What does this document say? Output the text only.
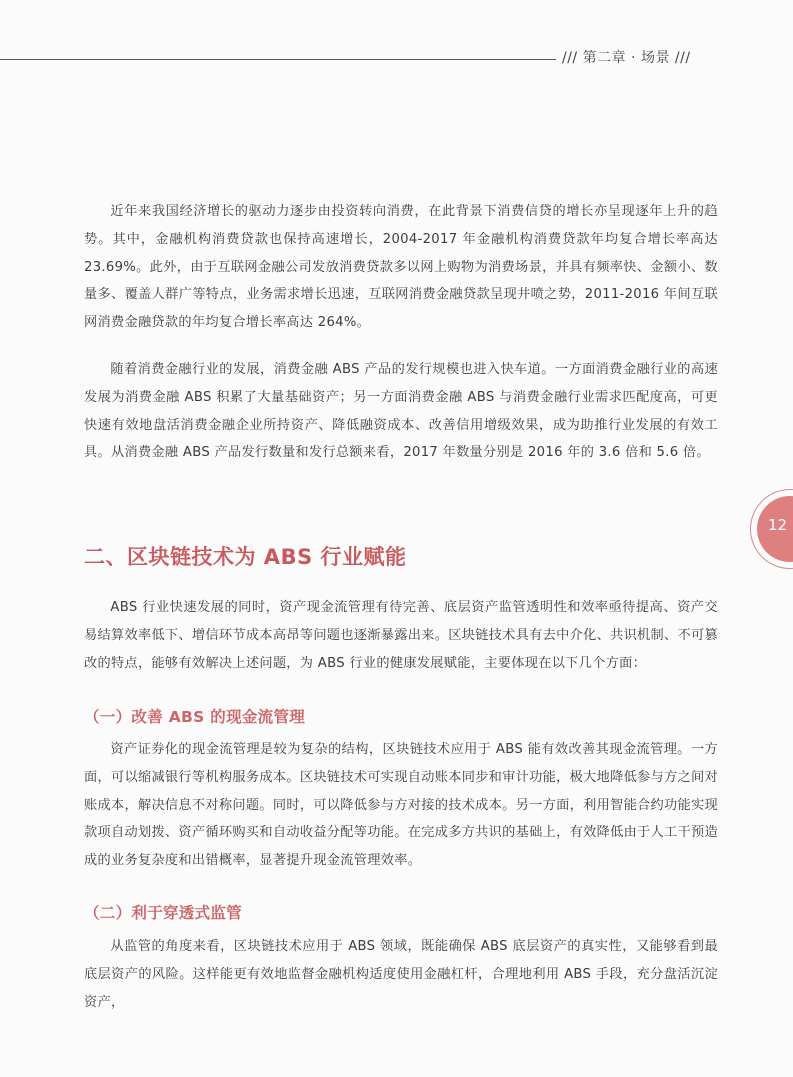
/// 第二章 · 场景 ///
12

近年来我国经济增长的驱动力逐步由投资转向消费，在此背景下消费信贷的增长亦呈现逐年上升的趋势。其中，金融机构消费贷款也保持高速增长，2004-2017 年金融机构消费贷款年均复合增长率高达 23.69%。此外，由于互联网金融公司发放消费贷款多以网上购物为消费场景，并具有频率快、金额小、数量多、覆盖人群广等特点，业务需求增长迅速，互联网消费金融贷款呈现井喷之势，2011-2016 年间互联网消费金融贷款的年均复合增长率高达 264%。

随着消费金融行业的发展，消费金融 ABS 产品的发行规模也进入快车道。一方面消费金融行业的高速发展为消费金融 ABS 积累了大量基础资产；另一方面消费金融 ABS 与消费金融行业需求匹配度高，可更快速有效地盘活消费金融企业所持资产、降低融资成本、改善信用增级效果，成为助推行业发展的有效工具。从消费金融 ABS 产品发行数量和发行总额来看，2017 年数量分别是 2016 年的 3.6 倍和 5.6 倍。

二、区块链技术为 ABS 行业赋能

ABS 行业快速发展的同时，资产现金流管理有待完善、底层资产监管透明性和效率亟待提高、资产交易结算效率低下、增信环节成本高昂等问题也逐渐暴露出来。区块链技术具有去中介化、共识机制、不可篡改的特点，能够有效解决上述问题，为 ABS 行业的健康发展赋能，主要体现在以下几个方面：

（一）改善 ABS 的现金流管理

资产证券化的现金流管理是较为复杂的结构，区块链技术应用于 ABS 能有效改善其现金流管理。一方面，可以缩减银行等机构服务成本。区块链技术可实现自动账本同步和审计功能，极大地降低参与方之间对账成本，解决信息不对称问题。同时，可以降低参与方对接的技术成本。另一方面，利用智能合约功能实现款项自动划拨、资产循环购买和自动收益分配等功能。在完成多方共识的基础上，有效降低由于人工干预造成的业务复杂度和出错概率，显著提升现金流管理效率。

（二）利于穿透式监管

从监管的角度来看，区块链技术应用于 ABS 领域，既能确保 ABS 底层资产的真实性，又能够看到最底层资产的风险。这样能更有效地监督金融机构适度使用金融杠杆，合理地利用 ABS 手段，充分盘活沉淀资产，
